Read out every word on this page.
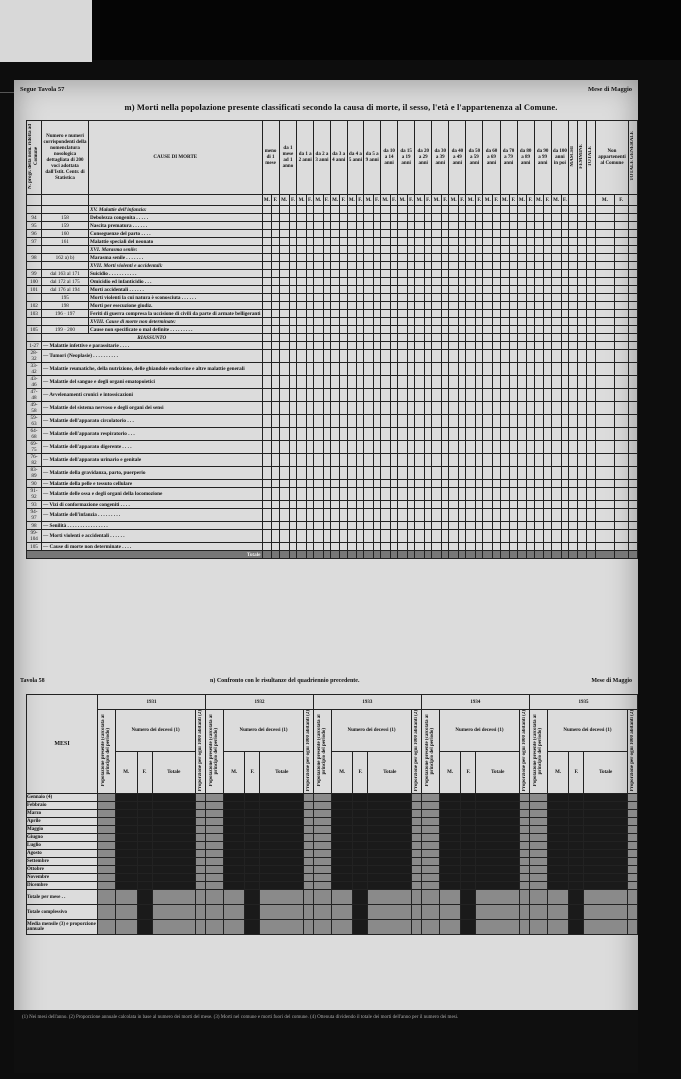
Segue Tavola 57	Mese di Maggio
m) Morti nella popolazione presente classificati secondo la causa di morte, il sesso, l'età e l'appartenenza al Comune.
N. progr. della nom. ridotta ad Comune	Numero e numeri corrispondenti della nomenclatura nosologica dettagliata di 200 voci adottata dall'Istit. Centr. di Statistica	CAUSE DI MORTE	meno di 1 mese		da 1 mese ad 1 anno		da 1 a 2 anni		da 2 a 3 anni		da 3 a 4 anni		da 4 a 5 anni		da 5 a 9 anni		da 10 a 14 anni		da 15 a 19 anni		da 20 a 29 anni		da 30 a 39 anni		da 40 a 49 anni		da 50 a 59 anni		da 60 a 69 anni		da 70 a 79 anni		da 80 a 89 anni		da 90 a 99 anni		da 100 anni in poi		MASCHI	FEMMINE	TOTALE	Non appartenenti al Comune		TOTALE GENERALE
			M.	F.	M.	F.	M.	F.	M.	F.	M.	F.	M.	F.	M.	F.	M.	F.	M.	F.	M.	F.	M.	F.	M.	F.	M.	F.	M.	F.	M.	F.	M.	F.	M.	F.	M.	F.				M.	F.	
		XV. Malattie dell'infanzia:																																										
94	158	Debolezza congenita . . . . .																																										
95	159	Nascita prematura . . . . . .																																										
96	160	Conseguenze del parto . . . .																																										
97	161	Malattie speciali del neonato																																										
		XVI. Marasma senile:																																										
98	162 a) b)	Marasma senile . . . . . . .																																										
		XVII. Morti violenti e accidentali:																																										
99	dal 163 al 171	Suicidio . . . . . . . . . . .																																										
100	dal 172 al 175	Omicidio ed infanticidio . . .																																										
101	dal 176 al 194	Morti accidentali . . . . . .																																										
	195	Morti violenti la cui natura è sconosciuta . . . . . .																																										
102	198	Morti per esecuzione giudiz.																																										
103	196 · 197	Feriti di guerra compresa la uccisione di civili da parte di armate belligeranti																																										
		XVIII. Cause di morte non determinate:																																										
105	199 · 200	Cause non specificate o mal definite . . . . . . . . .																																										
	RIASSUNTO																																											
1-27	— Malattie infettive e parassitarie . . . .																																											
28-32	— Tumori (Neoplasie) . . . . . . . . . .																																											
33-42	— Malattie reumatiche, della nutrizione, delle ghiandole endocrine e altre malattie generali																																											
43-46	— Malattie del sangue e degli organi ematopoietici																																											
47-48	— Avvelenamenti cronici e intossicazioni																																											
49-58	— Malattie del sistema nervoso e degli organi dei sensi																																											
59-63	— Malattie dell'apparato circolatorio . . .																																											
64-68	— Malattie dell'apparato respiratorio . . .																																											
69-75	— Malattie dell'apparato digerente . . . .																																											
76-82	— Malattie dell'apparato urinario e genitale																																											
83-89	— Malattie della gravidanza, parto, puerperio																																											
90	— Malattie della pelle e tessuto cellulare																																											
91-92	— Malattie delle ossa e degli organi della locomozione																																											
93	— Vizi di conformazione congeniti . . . .																																											
94-97	— Malattie dell'infanzia . . . . . . . . .																																											
98	— Senilità . . . . . . . . . . . . . . . .																																											
99-104	— Morti violenti e accidentali . . . . . .																																											
105	— Cause di morte non determinate . . . .																																											
Totale																																												
Tavola 58	n) Confronto con le risultanze del quadriennio precedente.	Mese di Maggio
MESI	1931					1932					1933					1934					1935				
	Popolazione presente (calcolata al principio del periodo)	Numero dei decessi (1)			Proporzione per ogni 1000 abitanti (2)	Popolazione presente (calcolata al principio del periodo)	Numero dei decessi (1)			Proporzione per ogni 1000 abitanti (2)	Popolazione presente (calcolata al principio del periodo)	Numero dei decessi (1)			Proporzione per ogni 1000 abitanti (2)	Popolazione presente (calcolata al principio del periodo)	Numero dei decessi (1)			Proporzione per ogni 1000 abitanti (2)	Popolazione presente (calcolata al principio del periodo)	Numero dei decessi (1)			Proporzione per ogni 1000 abitanti (2)
		M.	F.	Totale			M.	F.	Totale			M.	F.	Totale			M.	F.	Totale			M.	F.	Totale	
Gennaio (4)																									
Febbraio																									
Marzo																									
Aprile																									
Maggio																									
Giugno																									
Luglio																									
Agosto																									
Settembre																									
Ottobre																									
Novembre																									
Dicembre																									
Totale per mese . .																									
Totale complessivo																									
Media mensile (3) e proporzione annuale																									
(1) Nei mesi dell'anno. (2) Proporzione annuale calcolata in base al numero dei morti del mese. (3) Morti nel comune e morti fuori del comune. (4) Ottenuta dividendo il totale dei morti dell'anno per il numero dei mesi.
